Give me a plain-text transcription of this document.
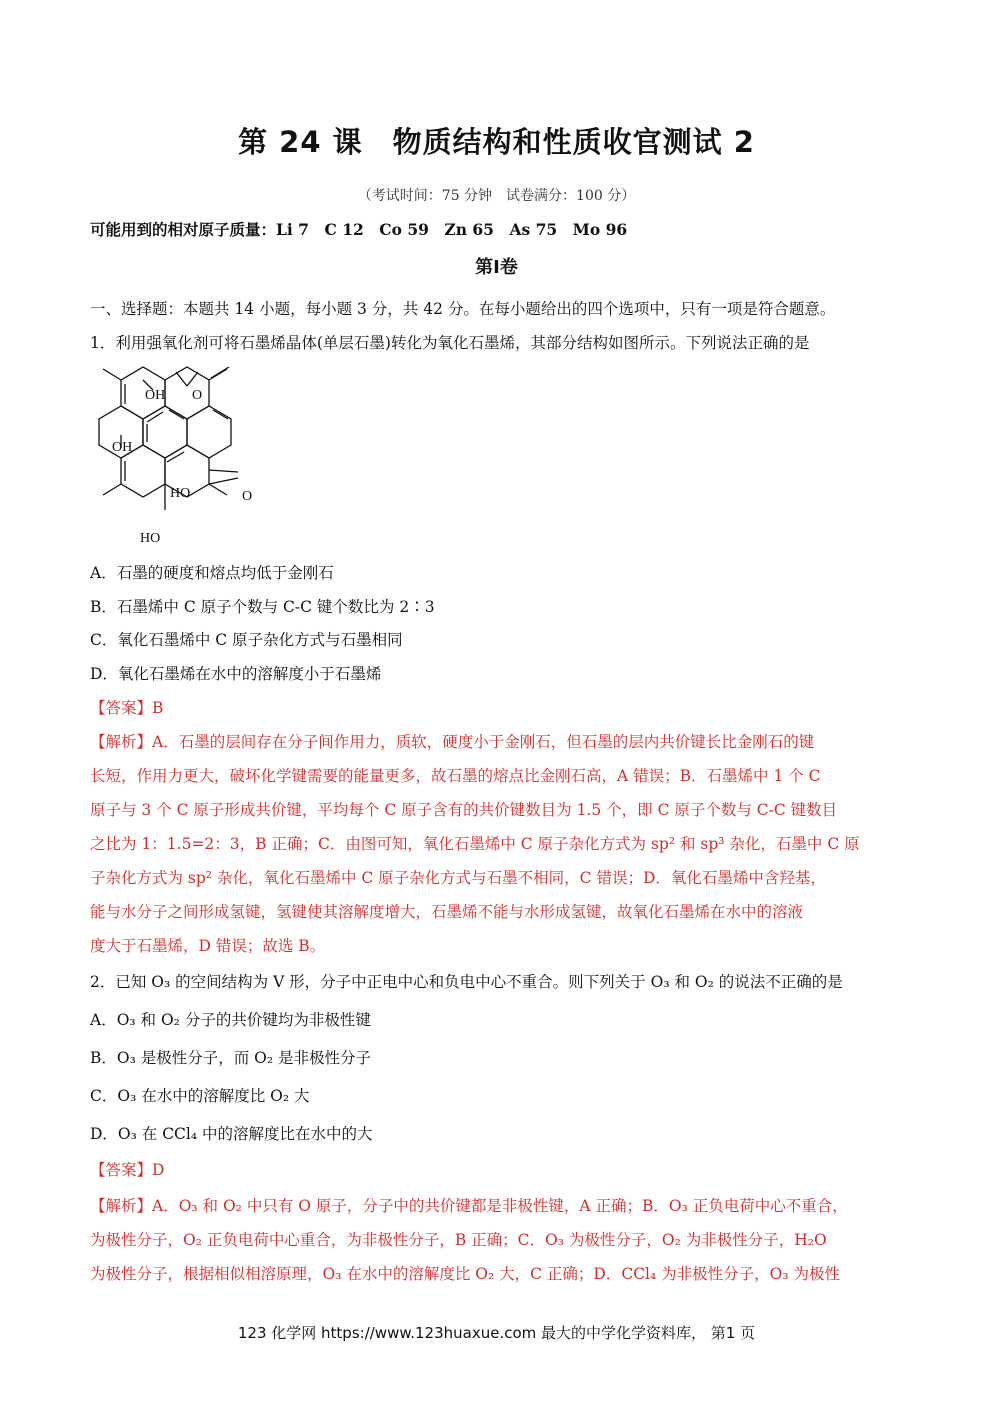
第 24 课　物质结构和性质收官测试 2
（考试时间：75 分钟　试卷满分：100 分）
可能用到的相对原子质量：Li 7　C 12　Co 59　Zn 65　As 75　Mo 96
第Ⅰ卷
一、选择题：本题共 14 小题，每小题 3 分，共 42 分。在每小题给出的四个选项中，只有一项是符合题意。
1．利用强氧化剂可将石墨烯晶体(单层石墨)转化为氧化石墨烯，其部分结构如图所示。下列说法正确的是
OH O
OH
HO	O
HO
A．石墨的硬度和熔点均低于金刚石
B．石墨烯中 C 原子个数与 C-C 键个数比为 2∶3
C．氧化石墨烯中 C 原子杂化方式与石墨相同
D．氧化石墨烯在水中的溶解度小于石墨烯
【答案】B
【解析】A．石墨的层间存在分子间作用力，质软，硬度小于金刚石，但石墨的层内共价键长比金刚石的键
长短，作用力更大，破坏化学键需要的能量更多，故石墨的熔点比金刚石高，A 错误；B．石墨烯中 1 个 C
原子与 3 个 C 原子形成共价键，平均每个 C 原子含有的共价键数目为 1.5 个，即 C 原子个数与 C-C 键数目
之比为 1：1.5=2：3，B 正确；C．由图可知，氧化石墨烯中 C 原子杂化方式为 sp² 和 sp³ 杂化，石墨中 C 原
子杂化方式为 sp² 杂化，氧化石墨烯中 C 原子杂化方式与石墨不相同，C 错误；D．氧化石墨烯中含羟基，
能与水分子之间形成氢键，氢键使其溶解度增大，石墨烯不能与水形成氢键，故氧化石墨烯在水中的溶液
度大于石墨烯，D 错误；故选 B。
2．已知 O₃ 的空间结构为 V 形，分子中正电中心和负电中心不重合。则下列关于 O₃ 和 O₂ 的说法不正确的是
A．O₃ 和 O₂ 分子的共价键均为非极性键
B．O₃ 是极性分子，而 O₂ 是非极性分子
C．O₃ 在水中的溶解度比 O₂ 大
D．O₃ 在 CCl₄ 中的溶解度比在水中的大
【答案】D
【解析】A．O₃ 和 O₂ 中只有 O 原子，分子中的共价键都是非极性键，A 正确；B．O₃ 正负电荷中心不重合，
为极性分子，O₂ 正负电荷中心重合，为非极性分子，B 正确；C．O₃ 为极性分子，O₂ 为非极性分子，H₂O
为极性分子，根据相似相溶原理，O₃ 在水中的溶解度比 O₂ 大，C 正确；D．CCl₄ 为非极性分子，O₃ 为极性
123 化学网 https://www.123huaxue.com 最大的中学化学资料库， 第1 页
